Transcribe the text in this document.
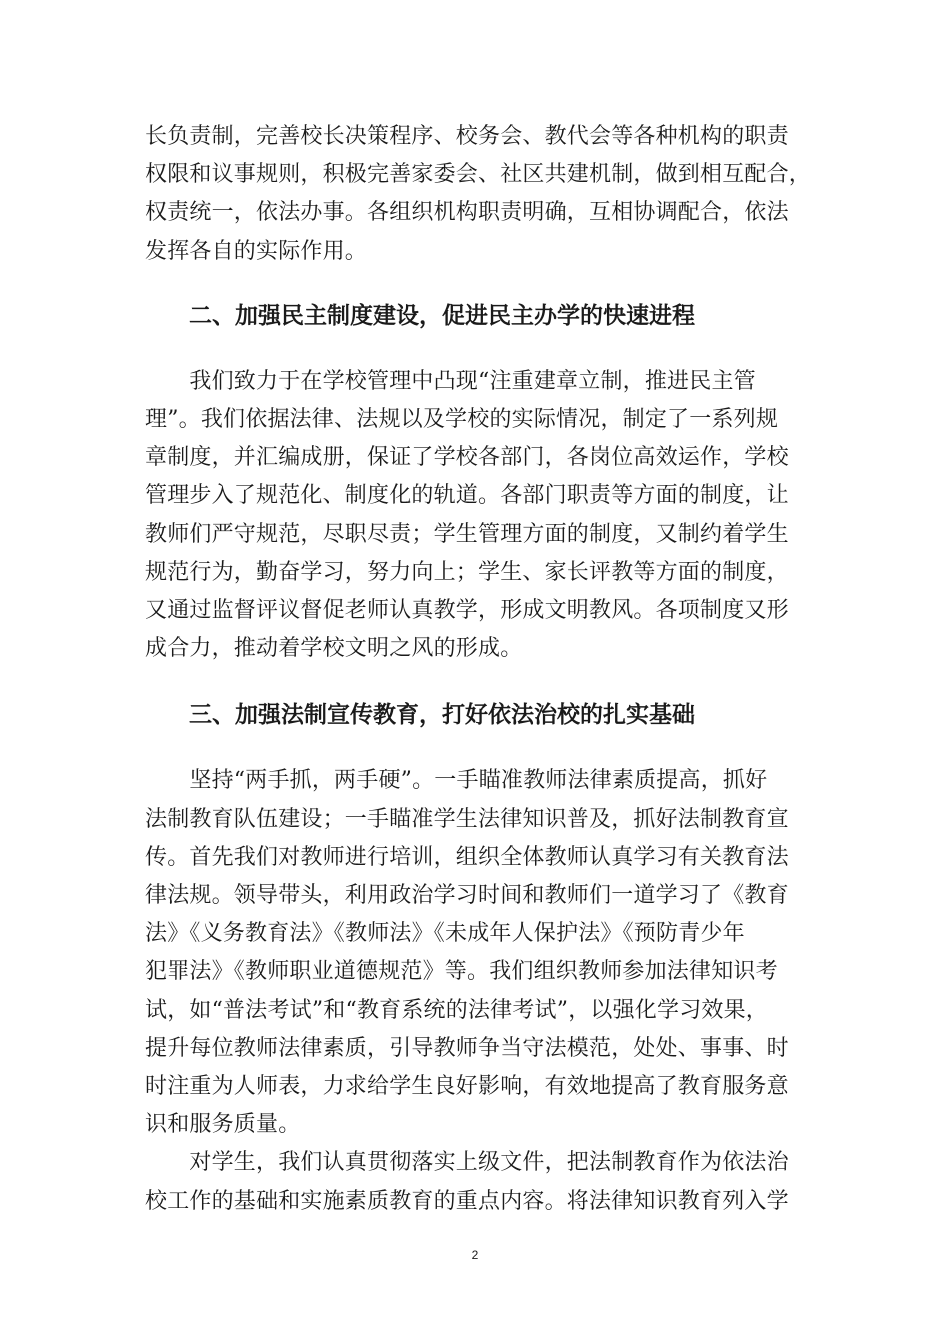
长负责制，完善校长决策程序、校务会、教代会等各种机构的职责
权限和议事规则，积极完善家委会、社区共建机制，做到相互配合，
权责统一，依法办事。各组织机构职责明确，互相协调配合，依法
发挥各自的实际作用。

二、加强民主制度建设，促进民主办学的快速进程

　　我们致力于在学校管理中凸现“注重建章立制，推进民主管
理”。我们依据法律、法规以及学校的实际情况，制定了一系列规
章制度，并汇编成册，保证了学校各部门，各岗位高效运作，学校
管理步入了规范化、制度化的轨道。各部门职责等方面的制度，让
教师们严守规范，尽职尽责；学生管理方面的制度，又制约着学生
规范行为，勤奋学习，努力向上；学生、家长评教等方面的制度，
又通过监督评议督促老师认真教学，形成文明教风。各项制度又形
成合力，推动着学校文明之风的形成。

三、加强法制宣传教育，打好依法治校的扎实基础

　　坚持“两手抓，两手硬”。一手瞄准教师法律素质提高，抓好
法制教育队伍建设；一手瞄准学生法律知识普及，抓好法制教育宣
传。首先我们对教师进行培训，组织全体教师认真学习有关教育法
律法规。领导带头，利用政治学习时间和教师们一道学习了《教育
法》《义务教育法》《教师法》《未成年人保护法》《预防青少年
犯罪法》《教师职业道德规范》等。我们组织教师参加法律知识考
试，如“普法考试”和“教育系统的法律考试”，以强化学习效果，
提升每位教师法律素质，引导教师争当守法模范，处处、事事、时
时注重为人师表，力求给学生良好影响，有效地提高了教育服务意
识和服务质量。

　　对学生，我们认真贯彻落实上级文件，把法制教育作为依法治
校工作的基础和实施素质教育的重点内容。将法律知识教育列入学

2
